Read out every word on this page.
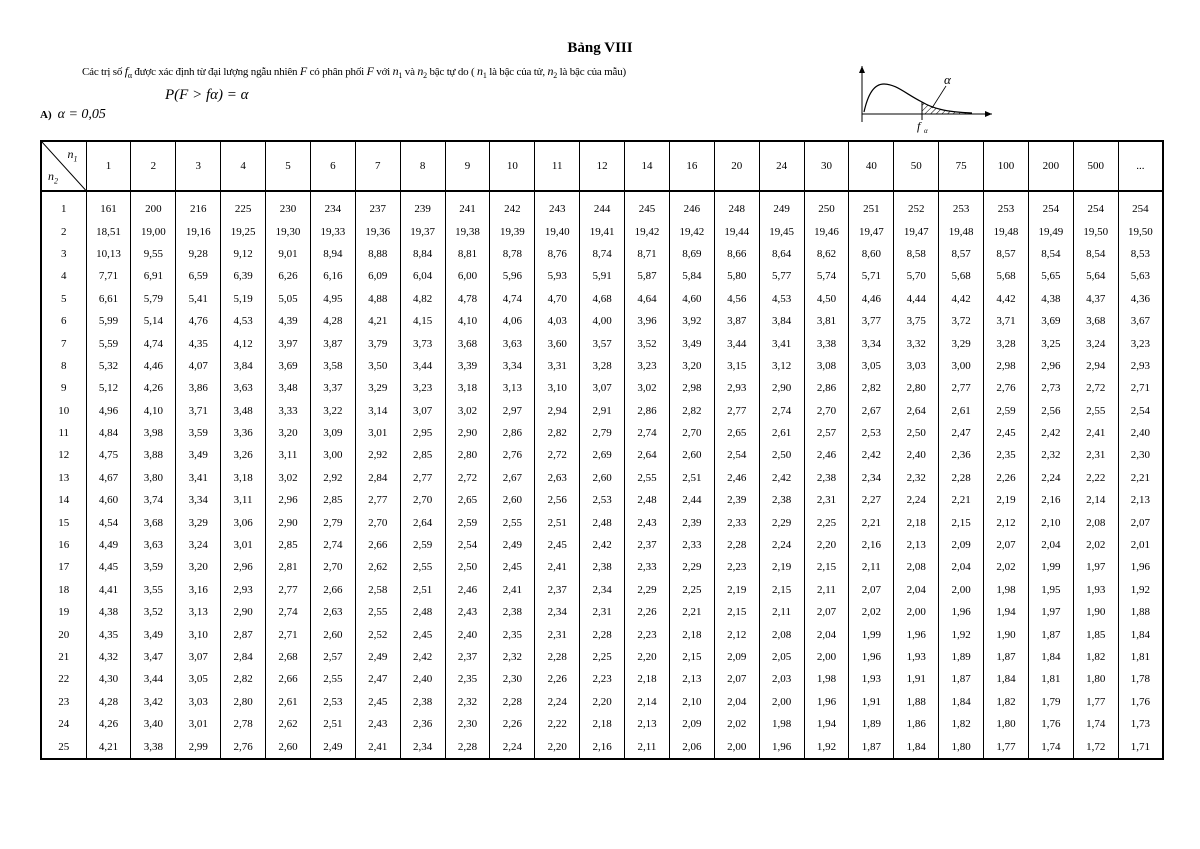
Bảng VIII
Các trị số $f_\alpha$ được xác định từ đại lượng ngẫu nhiên F có phân phối F với $n_1$ và $n_2$ bậc tự do ( $n_1$ là bậc của tử, $n_2$ là bậc của mẫu)
P(F > fα) = α
A) α = 0,05
α
f α
$n_1$
$n_2$	1	2	3	4	5	6	7	8	9	10	11	12	14	16	20	24	30	40	50	75	100	200	500	...
1	161	200	216	225	230	234	237	239	241	242	243	244	245	246	248	249	250	251	252	253	253	254	254	254
2	18,51	19,00	19,16	19,25	19,30	19,33	19,36	19,37	19,38	19,39	19,40	19,41	19,42	19,42	19,44	19,45	19,46	19,47	19,47	19,48	19,48	19,49	19,50	19,50
3	10,13	9,55	9,28	9,12	9,01	8,94	8,88	8,84	8,81	8,78	8,76	8,74	8,71	8,69	8,66	8,64	8,62	8,60	8,58	8,57	8,57	8,54	8,54	8,53
4	7,71	6,91	6,59	6,39	6,26	6,16	6,09	6,04	6,00	5,96	5,93	5,91	5,87	5,84	5,80	5,77	5,74	5,71	5,70	5,68	5,68	5,65	5,64	5,63
5	6,61	5,79	5,41	5,19	5,05	4,95	4,88	4,82	4,78	4,74	4,70	4,68	4,64	4,60	4,56	4,53	4,50	4,46	4,44	4,42	4,42	4,38	4,37	4,36
6	5,99	5,14	4,76	4,53	4,39	4,28	4,21	4,15	4,10	4,06	4,03	4,00	3,96	3,92	3,87	3,84	3,81	3,77	3,75	3,72	3,71	3,69	3,68	3,67
7	5,59	4,74	4,35	4,12	3,97	3,87	3,79	3,73	3,68	3,63	3,60	3,57	3,52	3,49	3,44	3,41	3,38	3,34	3,32	3,29	3,28	3,25	3,24	3,23
8	5,32	4,46	4,07	3,84	3,69	3,58	3,50	3,44	3,39	3,34	3,31	3,28	3,23	3,20	3,15	3,12	3,08	3,05	3,03	3,00	2,98	2,96	2,94	2,93
9	5,12	4,26	3,86	3,63	3,48	3,37	3,29	3,23	3,18	3,13	3,10	3,07	3,02	2,98	2,93	2,90	2,86	2,82	2,80	2,77	2,76	2,73	2,72	2,71
10	4,96	4,10	3,71	3,48	3,33	3,22	3,14	3,07	3,02	2,97	2,94	2,91	2,86	2,82	2,77	2,74	2,70	2,67	2,64	2,61	2,59	2,56	2,55	2,54
11	4,84	3,98	3,59	3,36	3,20	3,09	3,01	2,95	2,90	2,86	2,82	2,79	2,74	2,70	2,65	2,61	2,57	2,53	2,50	2,47	2,45	2,42	2,41	2,40
12	4,75	3,88	3,49	3,26	3,11	3,00	2,92	2,85	2,80	2,76	2,72	2,69	2,64	2,60	2,54	2,50	2,46	2,42	2,40	2,36	2,35	2,32	2,31	2,30
13	4,67	3,80	3,41	3,18	3,02	2,92	2,84	2,77	2,72	2,67	2,63	2,60	2,55	2,51	2,46	2,42	2,38	2,34	2,32	2,28	2,26	2,24	2,22	2,21
14	4,60	3,74	3,34	3,11	2,96	2,85	2,77	2,70	2,65	2,60	2,56	2,53	2,48	2,44	2,39	2,38	2,31	2,27	2,24	2,21	2,19	2,16	2,14	2,13
15	4,54	3,68	3,29	3,06	2,90	2,79	2,70	2,64	2,59	2,55	2,51	2,48	2,43	2,39	2,33	2,29	2,25	2,21	2,18	2,15	2,12	2,10	2,08	2,07
16	4,49	3,63	3,24	3,01	2,85	2,74	2,66	2,59	2,54	2,49	2,45	2,42	2,37	2,33	2,28	2,24	2,20	2,16	2,13	2,09	2,07	2,04	2,02	2,01
17	4,45	3,59	3,20	2,96	2,81	2,70	2,62	2,55	2,50	2,45	2,41	2,38	2,33	2,29	2,23	2,19	2,15	2,11	2,08	2,04	2,02	1,99	1,97	1,96
18	4,41	3,55	3,16	2,93	2,77	2,66	2,58	2,51	2,46	2,41	2,37	2,34	2,29	2,25	2,19	2,15	2,11	2,07	2,04	2,00	1,98	1,95	1,93	1,92
19	4,38	3,52	3,13	2,90	2,74	2,63	2,55	2,48	2,43	2,38	2,34	2,31	2,26	2,21	2,15	2,11	2,07	2,02	2,00	1,96	1,94	1,97	1,90	1,88
20	4,35	3,49	3,10	2,87	2,71	2,60	2,52	2,45	2,40	2,35	2,31	2,28	2,23	2,18	2,12	2,08	2,04	1,99	1,96	1,92	1,90	1,87	1,85	1,84
21	4,32	3,47	3,07	2,84	2,68	2,57	2,49	2,42	2,37	2,32	2,28	2,25	2,20	2,15	2,09	2,05	2,00	1,96	1,93	1,89	1,87	1,84	1,82	1,81
22	4,30	3,44	3,05	2,82	2,66	2,55	2,47	2,40	2,35	2,30	2,26	2,23	2,18	2,13	2,07	2,03	1,98	1,93	1,91	1,87	1,84	1,81	1,80	1,78
23	4,28	3,42	3,03	2,80	2,61	2,53	2,45	2,38	2,32	2,28	2,24	2,20	2,14	2,10	2,04	2,00	1,96	1,91	1,88	1,84	1,82	1,79	1,77	1,76
24	4,26	3,40	3,01	2,78	2,62	2,51	2,43	2,36	2,30	2,26	2,22	2,18	2,13	2,09	2,02	1,98	1,94	1,89	1,86	1,82	1,80	1,76	1,74	1,73
25	4,21	3,38	2,99	2,76	2,60	2,49	2,41	2,34	2,28	2,24	2,20	2,16	2,11	2,06	2,00	1,96	1,92	1,87	1,84	1,80	1,77	1,74	1,72	1,71
